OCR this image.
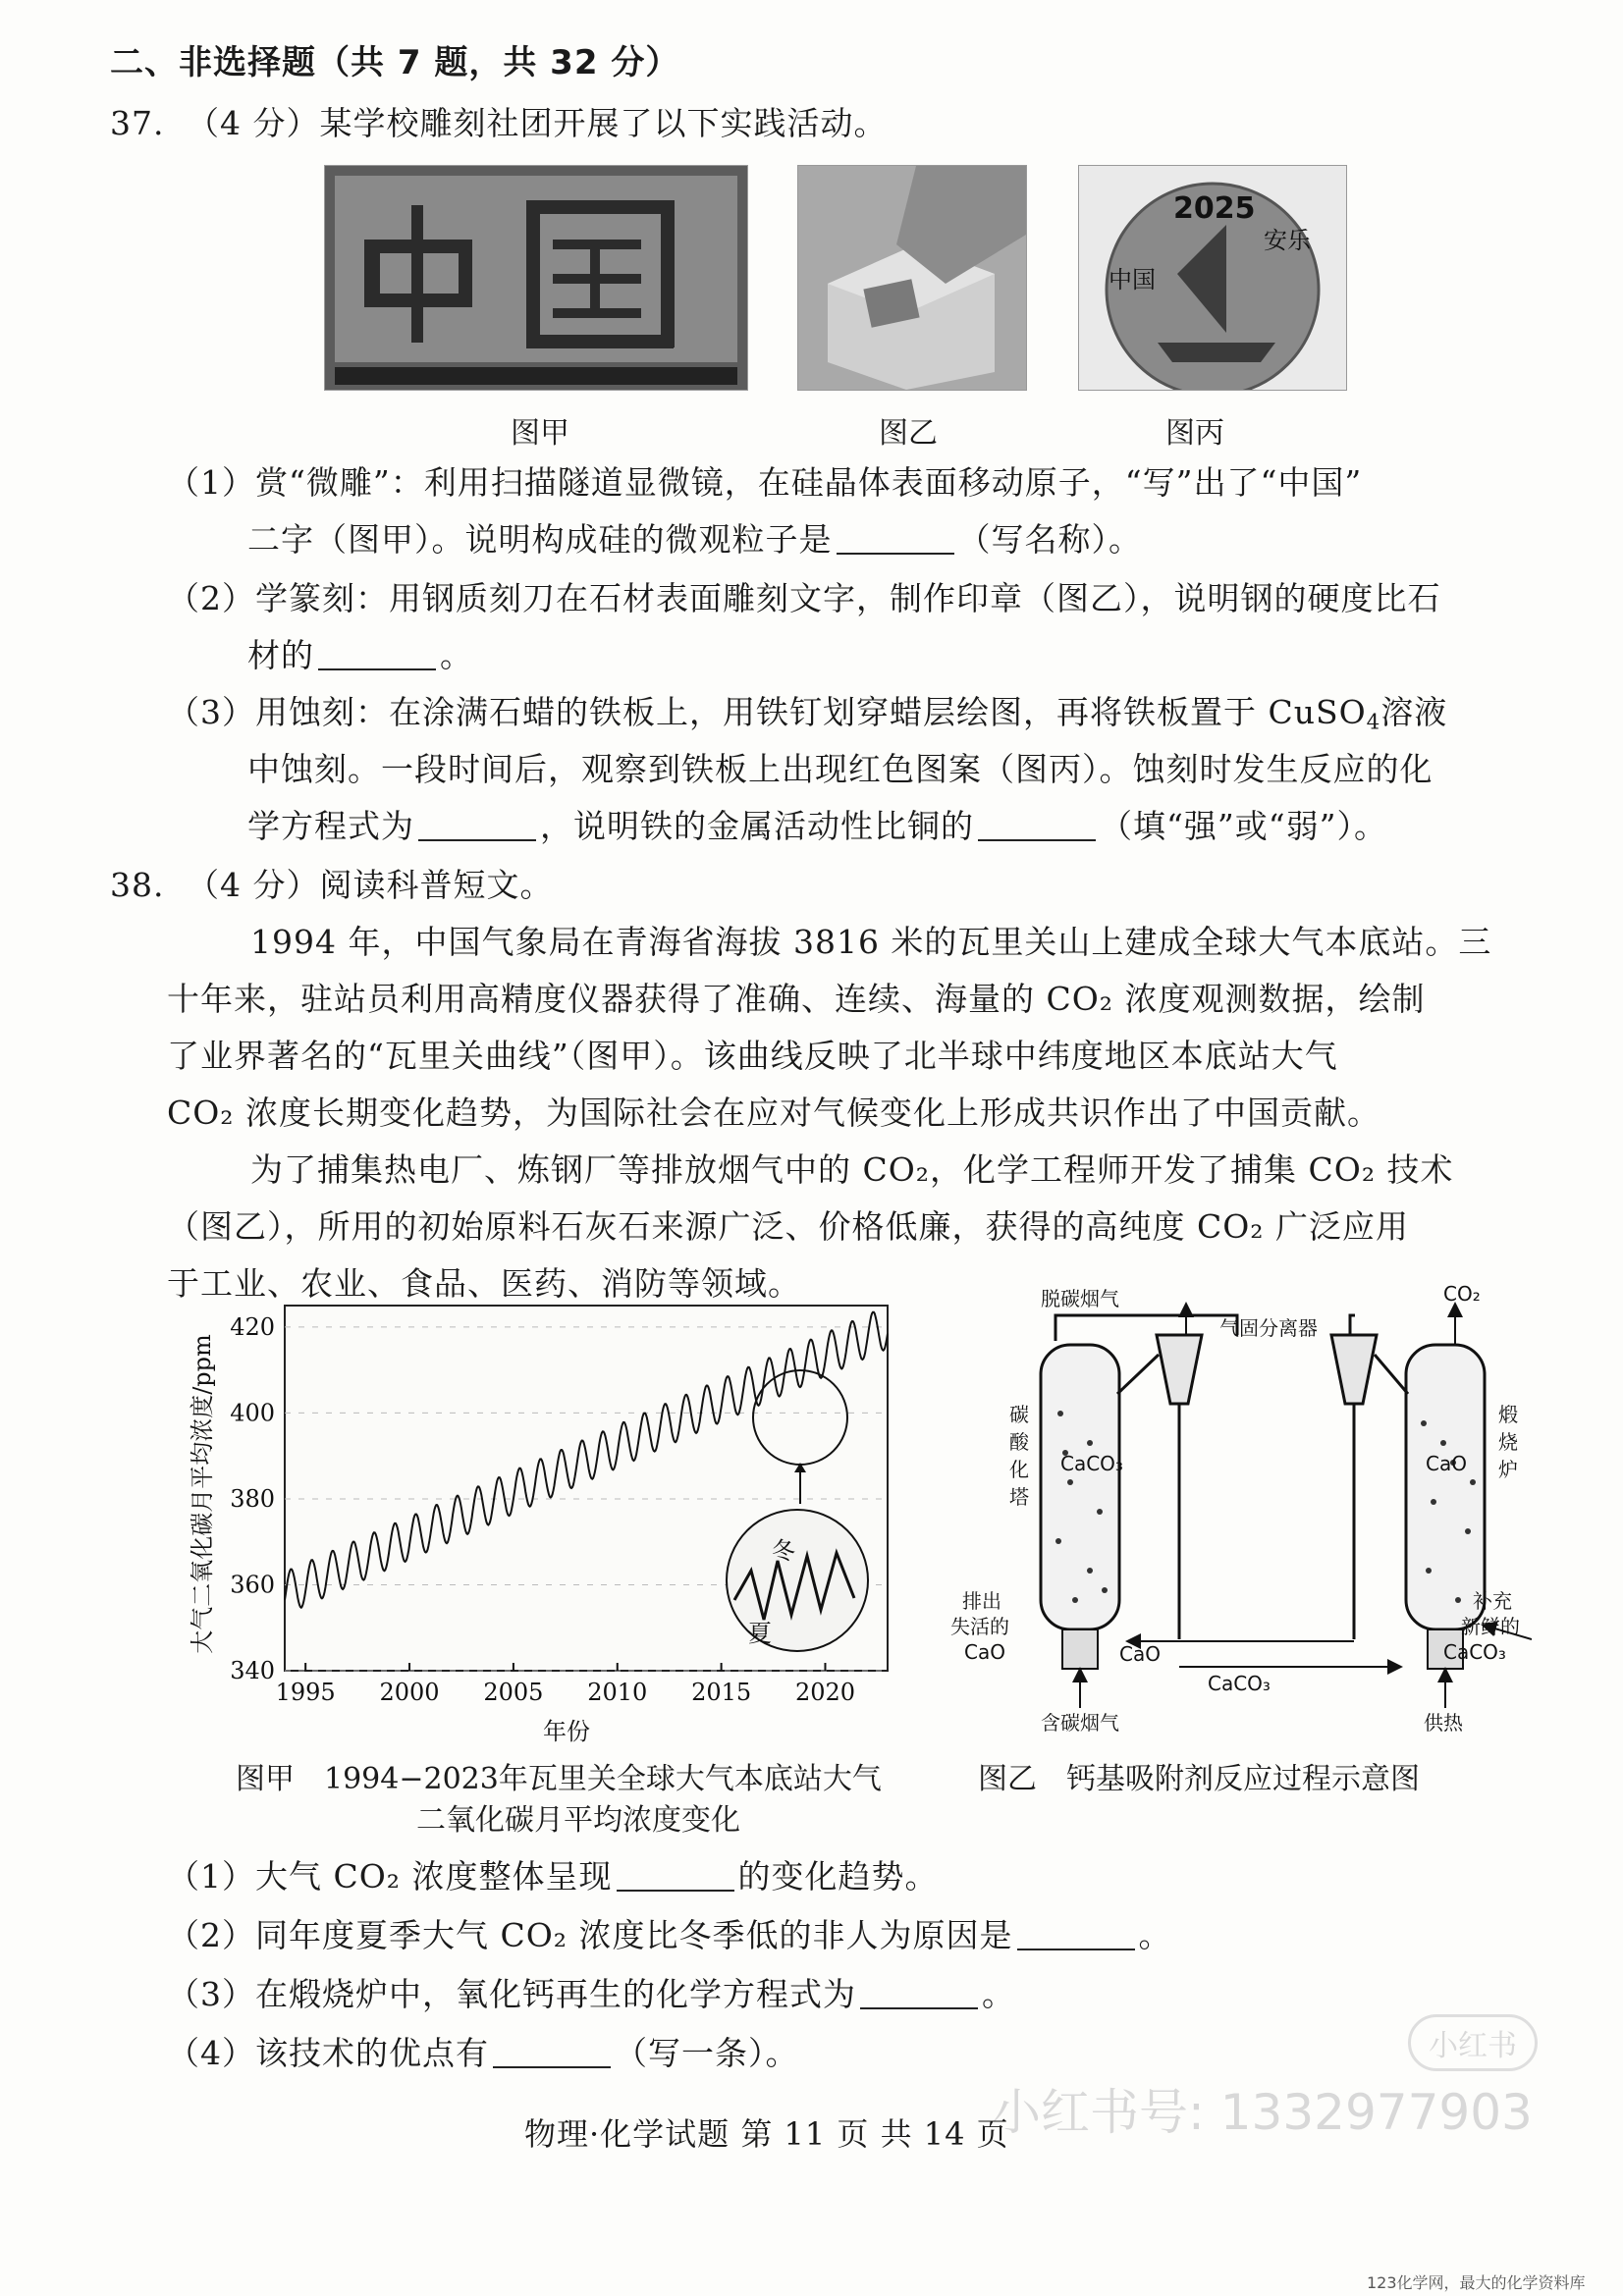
二、非选择题（共 7 题，共 32 分）
37. （4 分）某学校雕刻社团开展了以下实践活动。
2025
安乐
中国
图甲	图乙	图丙
（1）赏“微雕”：利用扫描隧道显微镜，在硅晶体表面移动原子，“写”出了“中国”
二字（图甲）。说明构成硅的微观粒子是	（写名称）。
（2）学篆刻：用钢质刻刀在石材表面雕刻文字，制作印章（图乙），说明钢的硬度比石
材的	。
（3）用蚀刻：在涂满石蜡的铁板上，用铁钉划穿蜡层绘图，再将铁板置于 CuSO$_4$溶液
中蚀刻。一段时间后，观察到铁板上出现红色图案（图丙）。蚀刻时发生反应的化
学方程式为	，说明铁的金属活动性比铜的	（填“强”或“弱”）。
38. （4 分）阅读科普短文。
1994 年，中国气象局在青海省海拔 3816 米的瓦里关山上建成全球大气本底站。三
十年来，驻站员利用高精度仪器获得了准确、连续、海量的 CO₂ 浓度观测数据，绘制
了业界著名的“瓦里关曲线”（图甲）。该曲线反映了北半球中纬度地区本底站大气
CO₂ 浓度长期变化趋势，为国际社会在应对气候变化上形成共识作出了中国贡献。
为了捕集热电厂、炼钢厂等排放烟气中的 CO₂，化学工程师开发了捕集 CO₂ 技术
（图乙），所用的初始原料石灰石来源广泛、价格低廉，获得的高纯度 CO₂ 广泛应用
于工业、农业、食品、医药、消防等领域。
大气二氧化碳月平均浓度/ppm
340
360
380
400
420
1995 2000 2005 2010 2015 2020
冬
夏
年份
图甲　1994−2023年瓦里关全球大气本底站大气
二氧化碳月平均浓度变化
脱碳烟气
气固分离器
CO₂
碳
酸
化
塔
煅
烧
炉
CaCO₃	CaO
排出
失活的
CaO	CaO
CaCO₃
补充
新鲜的
CaCO₃
含碳烟气	供热
图乙　钙基吸附剂反应过程示意图
（1）大气 CO₂ 浓度整体呈现	的变化趋势。
（2）同年度夏季大气 CO₂ 浓度比冬季低的非人为原因是	。
（3）在煅烧炉中，氧化钙再生的化学方程式为	。
（4）该技术的优点有	（写一条）。	小红书
小红书号: 1332977903
物理·化学试题 第 11 页 共 14 页
123化学网，最大的化学资料库
